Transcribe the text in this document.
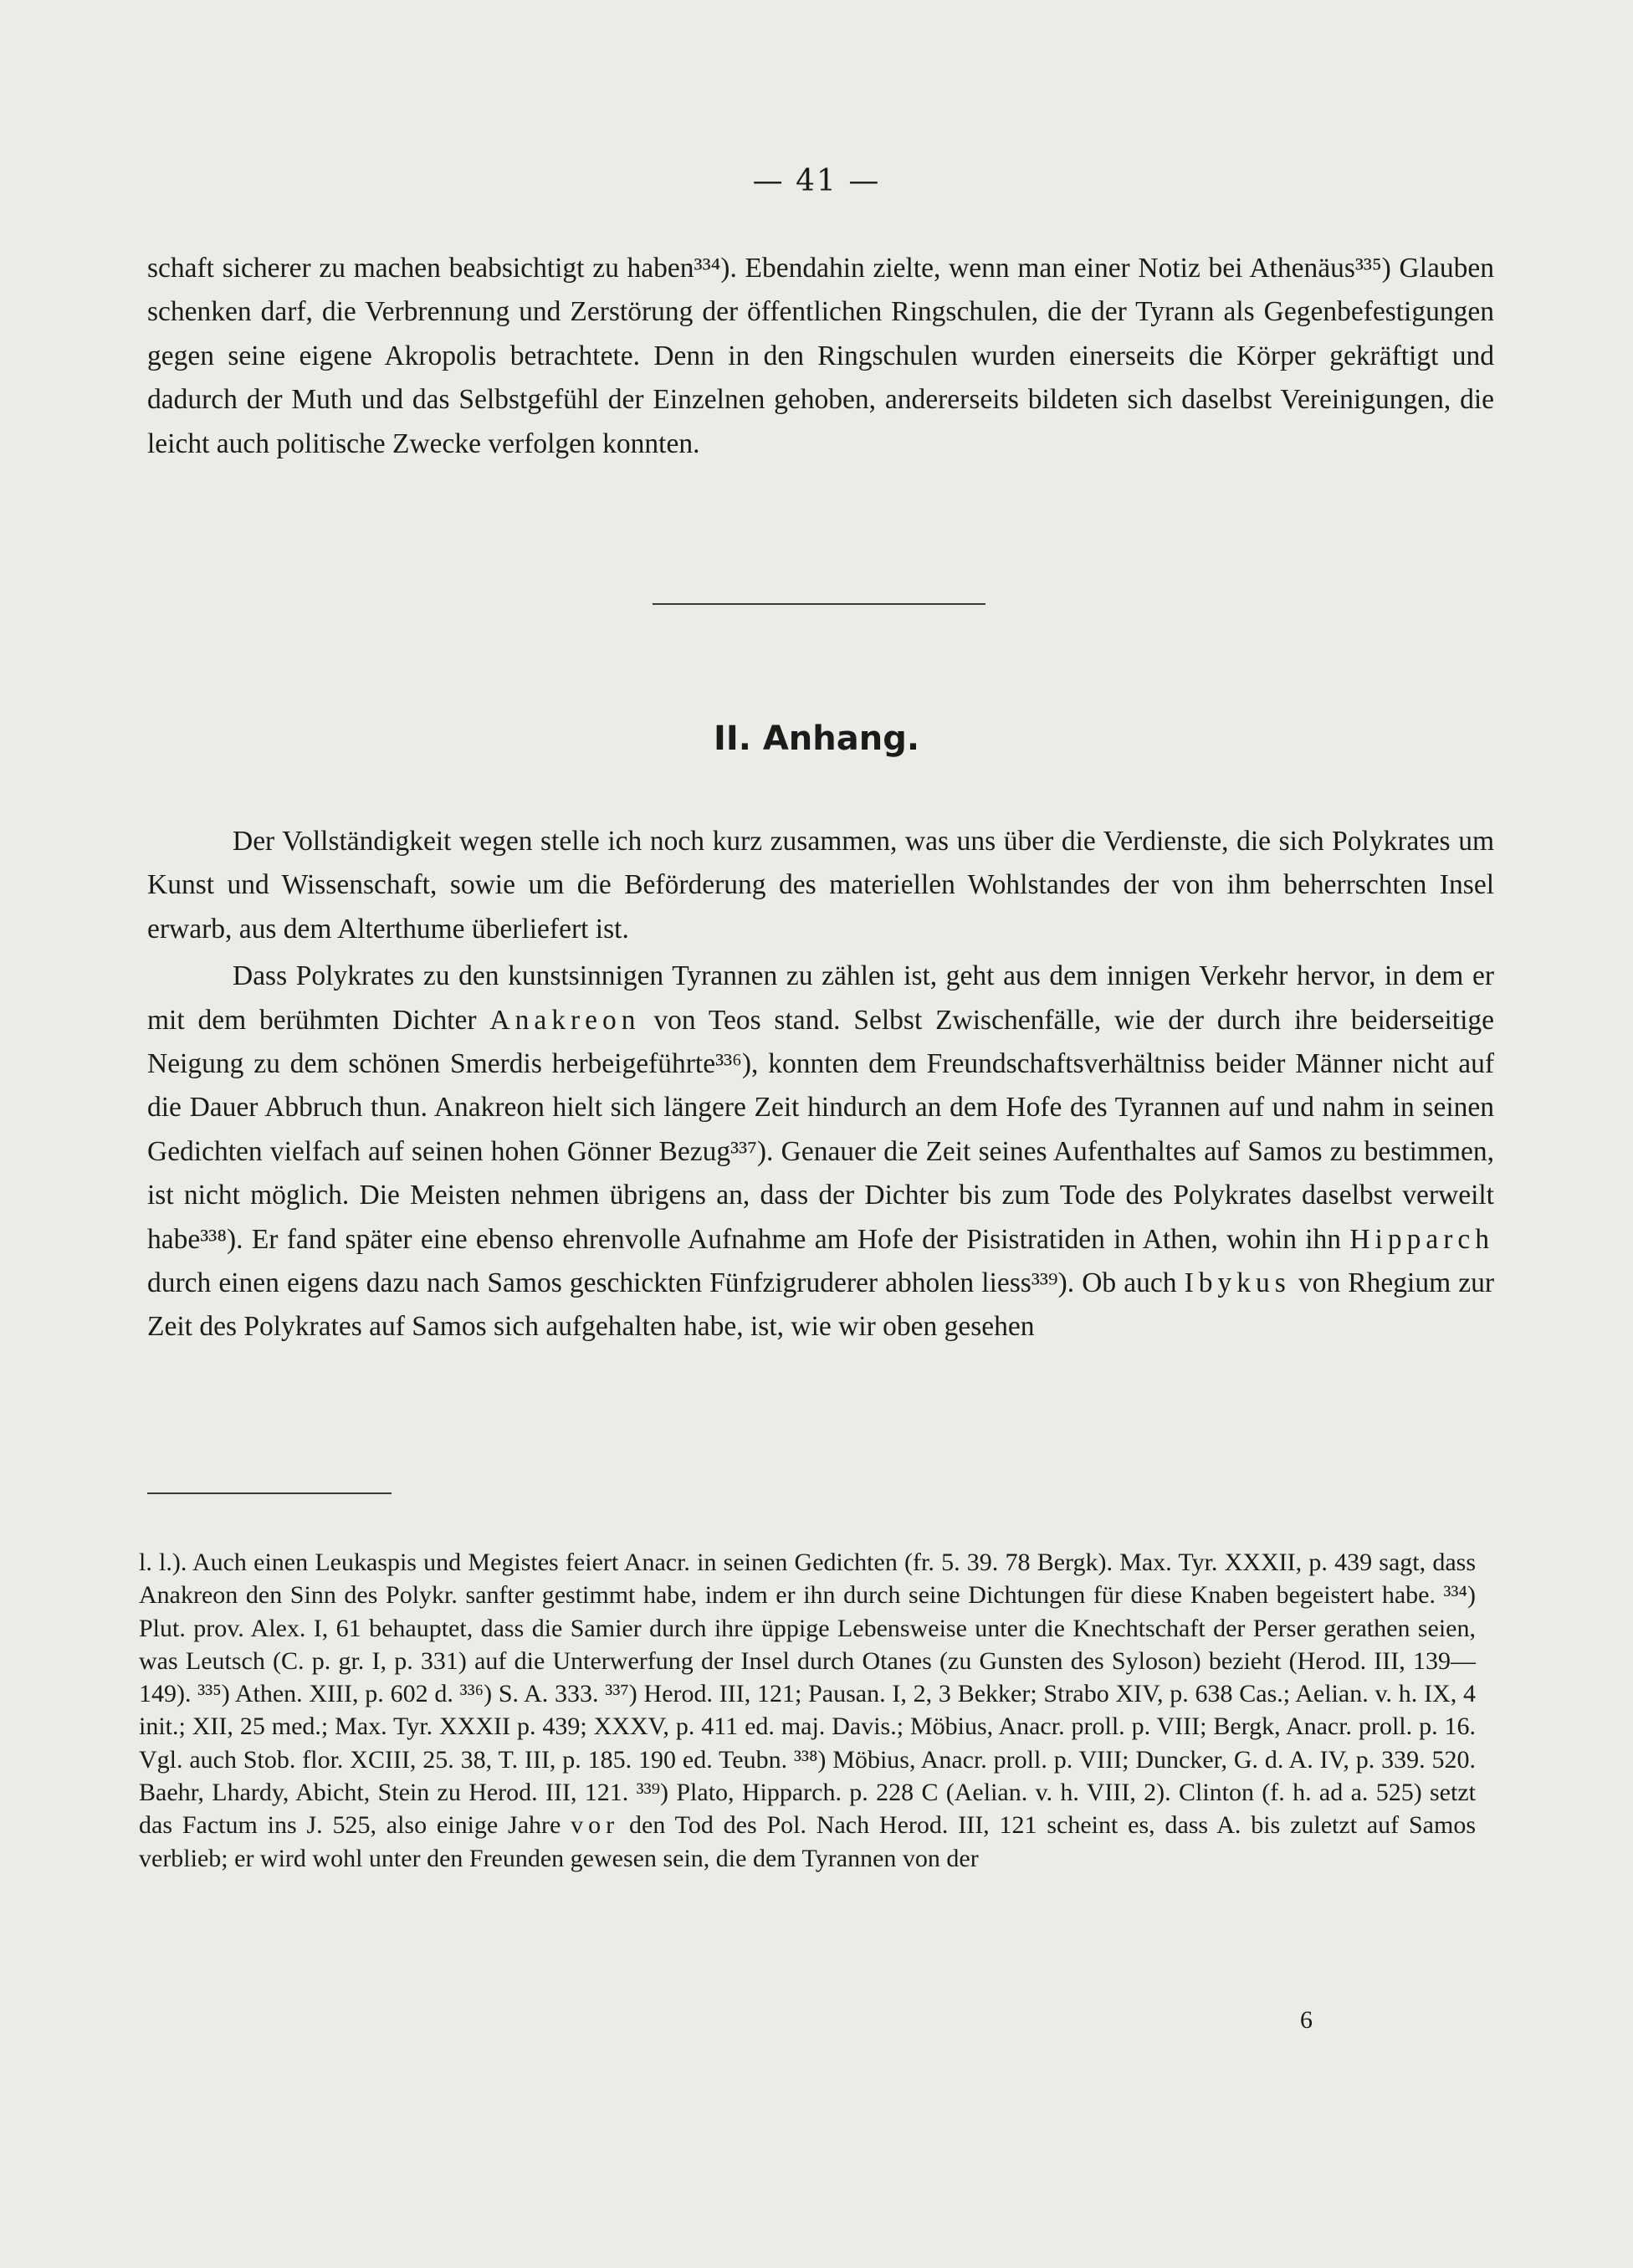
— 41 —

schaft sicherer zu machen beabsichtigt zu haben³³⁴). Ebendahin zielte, wenn man einer Notiz bei Athenäus³³⁵) Glauben schenken darf, die Verbrennung und Zerstörung der öffentlichen Ringschulen, die der Tyrann als Gegenbefestigungen gegen seine eigene Akropolis betrachtete. Denn in den Ringschulen wurden einerseits die Körper gekräftigt und dadurch der Muth und das Selbstgefühl der Einzelnen gehoben, andererseits bildeten sich daselbst Vereinigungen, die leicht auch politische Zwecke verfolgen konnten.

II. Anhang.

Der Vollständigkeit wegen stelle ich noch kurz zusammen, was uns über die Verdienste, die sich Polykrates um Kunst und Wissenschaft, sowie um die Beförderung des materiellen Wohlstandes der von ihm beherrschten Insel erwarb, aus dem Alterthume überliefert ist.

Dass Polykrates zu den kunstsinnigen Tyrannen zu zählen ist, geht aus dem innigen Verkehr hervor, in dem er mit dem berühmten Dichter Anakreon von Teos stand. Selbst Zwischenfälle, wie der durch ihre beiderseitige Neigung zu dem schönen Smerdis herbeigeführte³³⁶), konnten dem Freundschaftsverhältniss beider Männer nicht auf die Dauer Abbruch thun. Anakreon hielt sich längere Zeit hindurch an dem Hofe des Tyrannen auf und nahm in seinen Gedichten vielfach auf seinen hohen Gönner Bezug³³⁷). Genauer die Zeit seines Aufenthaltes auf Samos zu bestimmen, ist nicht möglich. Die Meisten nehmen übrigens an, dass der Dichter bis zum Tode des Polykrates daselbst verweilt habe³³⁸). Er fand später eine ebenso ehrenvolle Aufnahme am Hofe der Pisistratiden in Athen, wohin ihn Hipparch durch einen eigens dazu nach Samos geschickten Fünfzigruderer abholen liess³³⁹). Ob auch Ibykus von Rhegium zur Zeit des Polykrates auf Samos sich aufgehalten habe, ist, wie wir oben gesehen

l. l.). Auch einen Leukaspis und Megistes feiert Anacr. in seinen Gedichten (fr. 5. 39. 78 Bergk). Max. Tyr. XXXII, p. 439 sagt, dass Anakreon den Sinn des Polykr. sanfter gestimmt habe, indem er ihn durch seine Dichtungen für diese Knaben begeistert habe. ³³⁴) Plut. prov. Alex. I, 61 behauptet, dass die Samier durch ihre üppige Lebensweise unter die Knechtschaft der Perser gerathen seien, was Leutsch (C. p. gr. I, p. 331) auf die Unterwerfung der Insel durch Otanes (zu Gunsten des Syloson) bezieht (Herod. III, 139—149). ³³⁵) Athen. XIII, p. 602 d. ³³⁶) S. A. 333. ³³⁷) Herod. III, 121; Pausan. I, 2, 3 Bekker; Strabo XIV, p. 638 Cas.; Aelian. v. h. IX, 4 init.; XII, 25 med.; Max. Tyr. XXXII p. 439; XXXV, p. 411 ed. maj. Davis.; Möbius, Anacr. proll. p. VIII; Bergk, Anacr. proll. p. 16. Vgl. auch Stob. flor. XCIII, 25. 38, T. III, p. 185. 190 ed. Teubn. ³³⁸) Möbius, Anacr. proll. p. VIII; Duncker, G. d. A. IV, p. 339. 520. Baehr, Lhardy, Abicht, Stein zu Herod. III, 121. ³³⁹) Plato, Hipparch. p. 228 C (Aelian. v. h. VIII, 2). Clinton (f. h. ad a. 525) setzt das Factum ins J. 525, also einige Jahre vor den Tod des Pol. Nach Herod. III, 121 scheint es, dass A. bis zuletzt auf Samos verblieb; er wird wohl unter den Freunden gewesen sein, die dem Tyrannen von der

6
